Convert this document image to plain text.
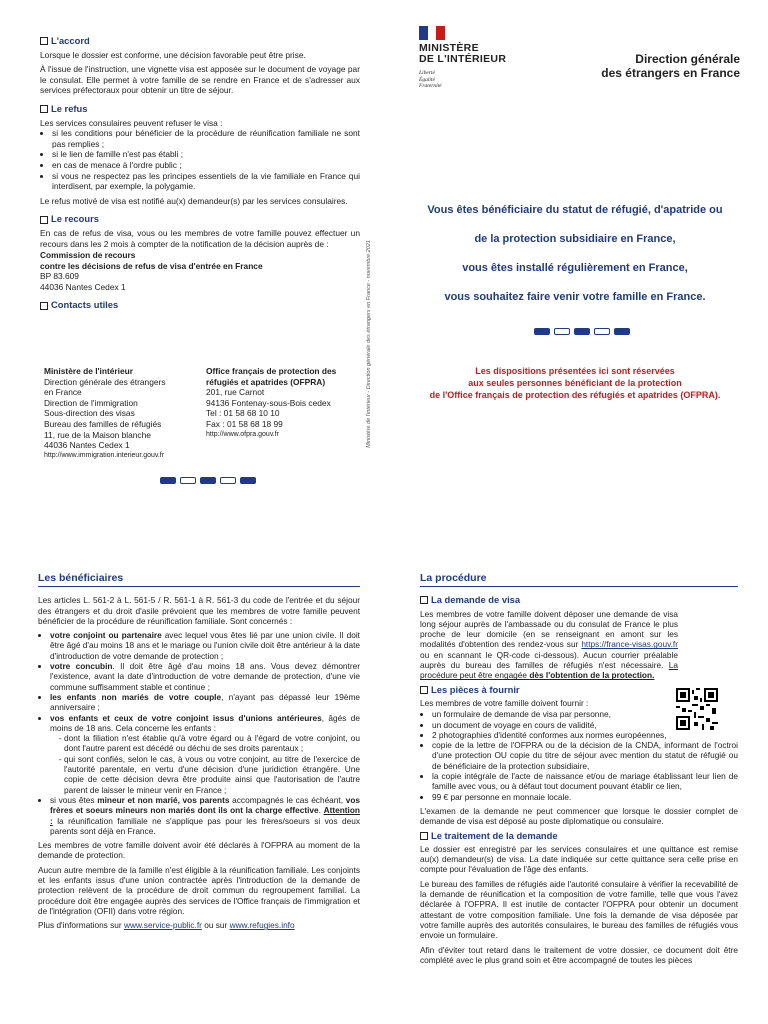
L'accord

Lorsque le dossier est conforme, une décision favorable peut être prise.

À l'issue de l'instruction, une vignette visa est apposée sur le document de voyage par le consulat. Elle permet à votre famille de se rendre en France et de s'adresser aux services préfectoraux pour obtenir un titre de séjour.

Le refus

Les services consulaires peuvent refuser le visa :

• si les conditions pour bénéficier de la procédure de réunification familiale ne sont pas remplies ;
• si le lien de famille n'est pas établi ;
• en cas de menace à l'ordre public ;
• si vous ne respectez pas les principes essentiels de la vie familiale en France qui interdisent, par exemple, la polygamie.

Le refus motivé de visa est notifié au(x) demandeur(s) par les services consulaires.

Le recours

En cas de refus de visa, vous ou les membres de votre famille pouvez effectuer un recours dans les 2 mois à compter de la notification de la décision auprès de :

Commission de recours
contre les décisions de refus de visa d'entrée en France
BP 83.609
44036 Nantes Cedex 1
Contacts utiles
Ministère de l'intérieur
Direction générale des étrangers
en France
Direction de l'immigration
Sous-direction des visas
Bureau des familles de réfugiés
11, rue de la Maison blanche
44036 Nantes Cedex 1
http://www.immigration.interieur.gouv.fr
Office français de protection des réfugiés et apatrides (OFPRA)
201, rue Carnot
94136 Fontenay-sous-Bois cedex
Tel : 01 58 68 10 10
Fax : 01 58 68 18 99
http://www.ofpra.gouv.fr	Ministère de l'intérieur - Direction générale des étrangers en France - novembre 2021
MINISTÈRE
DE L'INTÉRIEUR
Liberté
Égalité
Fraternité
Direction générale
des étrangers en France
Vous êtes bénéficiaire du statut de réfugié, d'apatride ou
de la protection subsidiaire en France,
vous êtes installé régulièrement en France,
vous souhaitez faire venir votre famille en France.
Les dispositions présentées ici sont réservées
aux seules personnes bénéficiant de la protection
de l'Office français de protection des réfugiés et apatrides (OFPRA).
Les bénéficiaires

Les articles L. 561-2 à L. 561-5 / R. 561-1 à R. 561-3 du code de l'entrée et du séjour des étrangers et du droit d'asile prévoient que les membres de votre famille peuvent bénéficier de la procédure de réunification familiale. Sont concernés :

• votre conjoint ou partenaire avec lequel vous êtes lié par une union civile. Il doit être âgé d'au moins 18 ans et le mariage ou l'union civile doit être antérieur à la date d'introduction de votre demande de protection ;
• votre concubin. Il doit être âgé d'au moins 18 ans. Vous devez démontrer l'existence, avant la date d'introduction de votre demande de protection, d'une vie commune suffisamment stable et continue ;
• les enfants non mariés de votre couple, n'ayant pas dépassé leur 19ème anniversaire ;
• vos enfants et ceux de votre conjoint issus d'unions antérieures, âgés de moins de 18 ans. Cela concerne les enfants :
- dont la filiation n'est établie qu'à votre égard ou à l'égard de votre conjoint, ou dont l'autre parent est décédé ou déchu de ses droits parentaux ;
- qui sont confiés, selon le cas, à vous ou votre conjoint, au titre de l'exercice de l'autorité parentale, en vertu d'une décision d'une juridiction étrangère. Une copie de cette décision devra être produite ainsi que l'autorisation de l'autre parent de laisser le mineur venir en France ;
• si vous êtes mineur et non marié, vos parents accompagnés le cas échéant, vos frères et soeurs mineurs non mariés dont ils ont la charge effective. Attention : la réunification familiale ne s'applique pas pour les frères/soeurs si vos deux parents sont déjà en France.

Les membres de votre famille doivent avoir été déclarés à l'OFPRA au moment de la demande de protection.

Aucun autre membre de la famille n'est éligible à la réunification familiale. Les conjoints et les enfants issus d'une union contractée après l'introduction de la demande de protection relèvent de la procédure de droit commun du regroupement familial. La procédure doit être engagée auprès des services de l'Office français de l'immigration et de l'intégration (OFII) dans votre région.

Plus d'informations sur www.service-public.fr ou sur www.refugies.info

La procédure
La demande de visa

Les membres de votre famille doivent déposer une demande de visa long séjour auprès de l'ambassade ou du consulat de France le plus proche de leur domicile (en se renseignant en amont sur les modalités d'obtention des rendez-vous sur https://france-visas.gouv.fr ou en scannant le QR-code ci-dessous). Aucun courrier préalable auprès du bureau des familles de réfugiés n'est nécessaire. La procédure peut être engagée dès l'obtention de la protection.

Les pièces à fournir

Les membres de votre famille doivent fournir :

• un formulaire de demande de visa par personne,
• un document de voyage en cours de validité,
• 2 photographies d'identité conformes aux normes européennes,
• copie de la lettre de l'OFPRA ou de la décision de la CNDA, informant de l'octroi d'une protection OU copie du titre de séjour avec mention du statut de réfugié ou de bénéficiaire de la protection subsidiaire,
• la copie intégrale de l'acte de naissance et/ou de mariage établissant leur lien de famille avec vous, ou à défaut tout document pouvant établir ce lien,
• 99 € par personne en monnaie locale.

L'examen de la demande ne peut commencer que lorsque le dossier complet de demande de visa est déposé au poste diplomatique ou consulaire.

Le traitement de la demande

Le dossier est enregistré par les services consulaires et une quittance est remise au(x) demandeur(s) de visa. La date indiquée sur cette quittance sera celle prise en compte pour l'évaluation de l'âge des enfants.

Le bureau des familles de réfugiés aide l'autorité consulaire à vérifier la recevabilité de la demande de réunification et la composition de votre famille, telle que vous l'avez déclarée à l'OFPRA. Il est inutile de contacter l'OFPRA pour obtenir un document attestant de votre composition familiale. Une fois la demande de visa déposée par votre famille auprès des autorités consulaires, le bureau des familles de réfugiés vous envoie un formulaire.

Afin d'éviter tout retard dans le traitement de votre dossier, ce document doit être complété avec le plus grand soin et être accompagné de toutes les pièces
